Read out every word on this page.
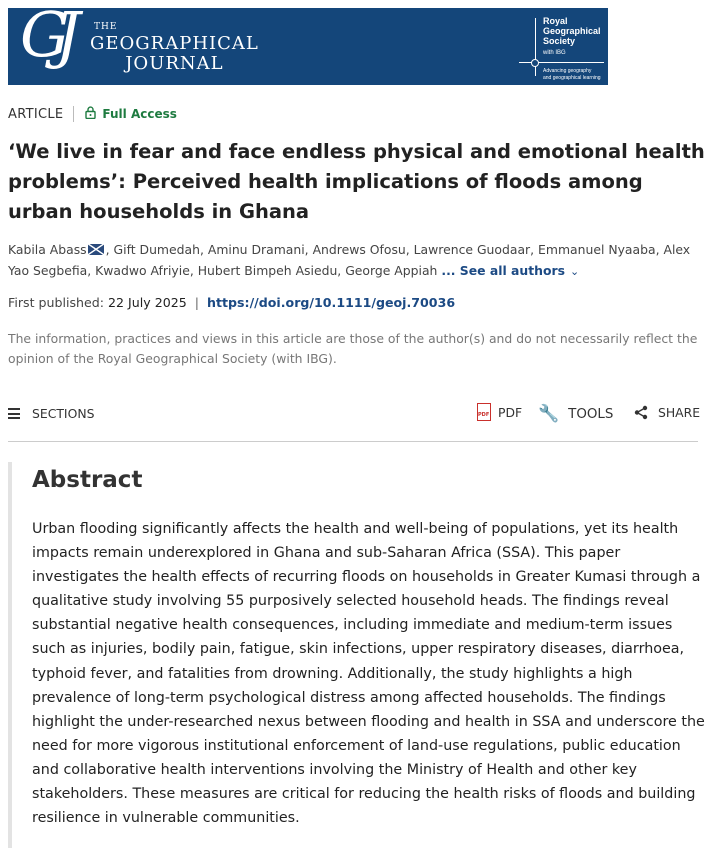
GJ	THE
GEOGRAPHICAL
JOURNAL
Royal
Geographical
Society
with IBG
Advancing geography
and geographical learning
ARTICLE	Full Access
‘We live in fear and face endless physical and emotional health problems’: Perceived health implications of floods among urban households in Ghana
Kabila Abass , Gift Dumedah, Aminu Dramani, Andrews Ofosu, Lawrence Guodaar, Emmanuel Nyaaba, Alex Yao Segbefia, Kwadwo Afriyie, Hubert Bimpeh Asiedu, George Appiah ... See all authors ⌄
First published: 22 July 2025 | https://doi.org/10.1111/geoj.70036

The information, practices and views in this article are those of the author(s) and do not necessarily reflect the opinion of the Royal Geographical Society (with IBG).

SECTIONS
PDF	PDF 🔧 TOOLS	SHARE
Abstract

Urban flooding significantly affects the health and well-being of populations, yet its health impacts remain underexplored in Ghana and sub-Saharan Africa (SSA). This paper investigates the health effects of recurring floods on households in Greater Kumasi through a qualitative study involving 55 purposively selected household heads. The findings reveal substantial negative health consequences, including immediate and medium-term issues such as injuries, bodily pain, fatigue, skin infections, upper respiratory diseases, diarrhoea, typhoid fever, and fatalities from drowning. Additionally, the study highlights a high prevalence of long-term psychological distress among affected households. The findings highlight the under-researched nexus between flooding and health in SSA and underscore the need for more vigorous institutional enforcement of land-use regulations, public education and collaborative health interventions involving the Ministry of Health and other key stakeholders. These measures are critical for reducing the health risks of floods and building resilience in vulnerable communities.
